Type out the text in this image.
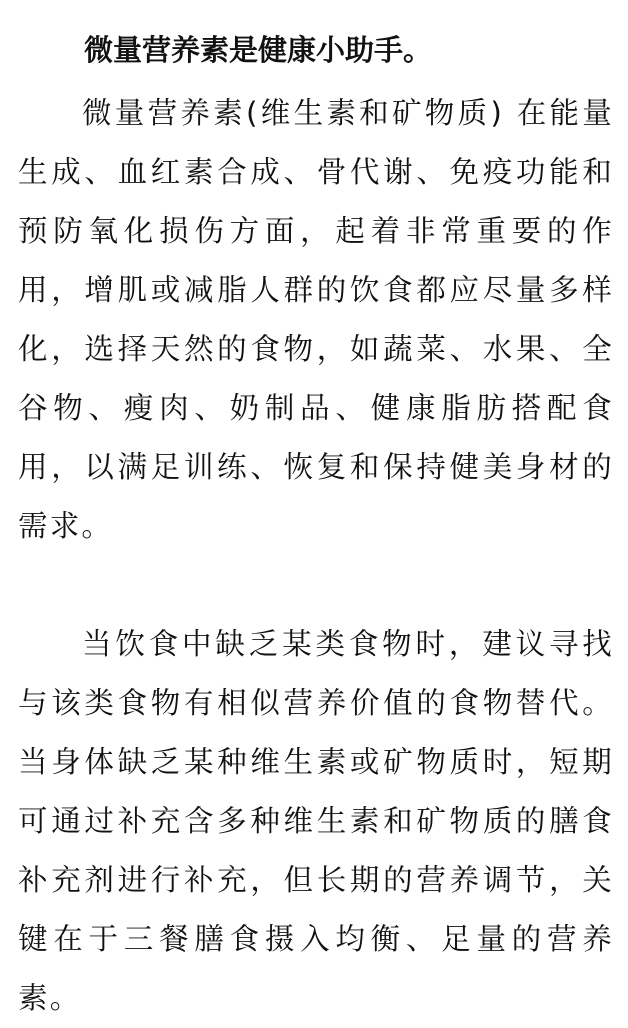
微量营养素是健康小助手。

微量营养素(维生素和矿物质) 在能量生成、血红素合成、骨代谢、免疫功能和预防氧化损伤方面，起着非常重要的作用，增肌或减脂人群的饮食都应尽量多样化，选择天然的食物，如蔬菜、水果、全谷物、瘦肉、奶制品、健康脂肪搭配食用，以满足训练、恢复和保持健美身材的需求。

当饮食中缺乏某类食物时，建议寻找与该类食物有相似营养价值的食物替代。当身体缺乏某种维生素或矿物质时，短期可通过补充含多种维生素和矿物质的膳食补充剂进行补充，但长期的营养调节，关键在于三餐膳食摄入均衡、足量的营养素。
